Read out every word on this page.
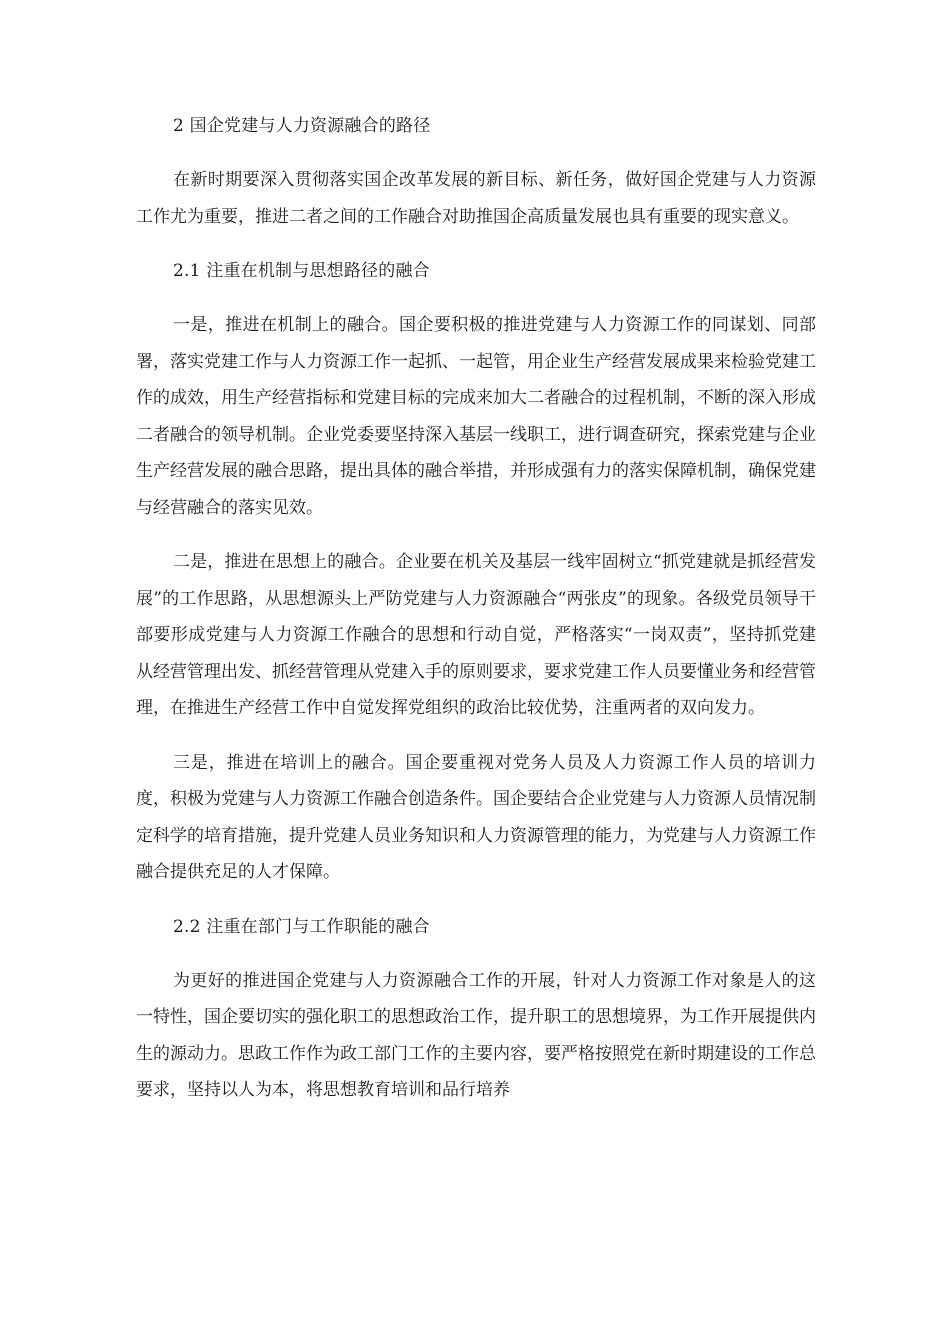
2 国企党建与人力资源融合的路径

在新时期要深入贯彻落实国企改革发展的新目标、新任务，做好国企党建与人力资源工作尤为重要，推进二者之间的工作融合对助推国企高质量发展也具有重要的现实意义。

2.1 注重在机制与思想路径的融合

一是，推进在机制上的融合。国企要积极的推进党建与人力资源工作的同谋划、同部署，落实党建工作与人力资源工作一起抓、一起管，用企业生产经营发展成果来检验党建工作的成效，用生产经营指标和党建目标的完成来加大二者融合的过程机制，不断的深入形成二者融合的领导机制。企业党委要坚持深入基层一线职工，进行调查研究，探索党建与企业生产经营发展的融合思路，提出具体的融合举措，并形成强有力的落实保障机制，确保党建与经营融合的落实见效。

二是，推进在思想上的融合。企业要在机关及基层一线牢固树立“抓党建就是抓经营发展”的工作思路，从思想源头上严防党建与人力资源融合“两张皮”的现象。各级党员领导干部要形成党建与人力资源工作融合的思想和行动自觉，严格落实“一岗双责”，坚持抓党建从经营管理出发、抓经营管理从党建入手的原则要求，要求党建工作人员要懂业务和经营管理，在推进生产经营工作中自觉发挥党组织的政治比较优势，注重两者的双向发力。

三是，推进在培训上的融合。国企要重视对党务人员及人力资源工作人员的培训力度，积极为党建与人力资源工作融合创造条件。国企要结合企业党建与人力资源人员情况制定科学的培育措施，提升党建人员业务知识和人力资源管理的能力，为党建与人力资源工作融合提供充足的人才保障。

2.2 注重在部门与工作职能的融合

为更好的推进国企党建与人力资源融合工作的开展，针对人力资源工作对象是人的这一特性，国企要切实的强化职工的思想政治工作，提升职工的思想境界，为工作开展提供内生的源动力。思政工作作为政工部门工作的主要内容，要严格按照党在新时期建设的工作总要求，坚持以人为本，将思想教育培训和品行培养
